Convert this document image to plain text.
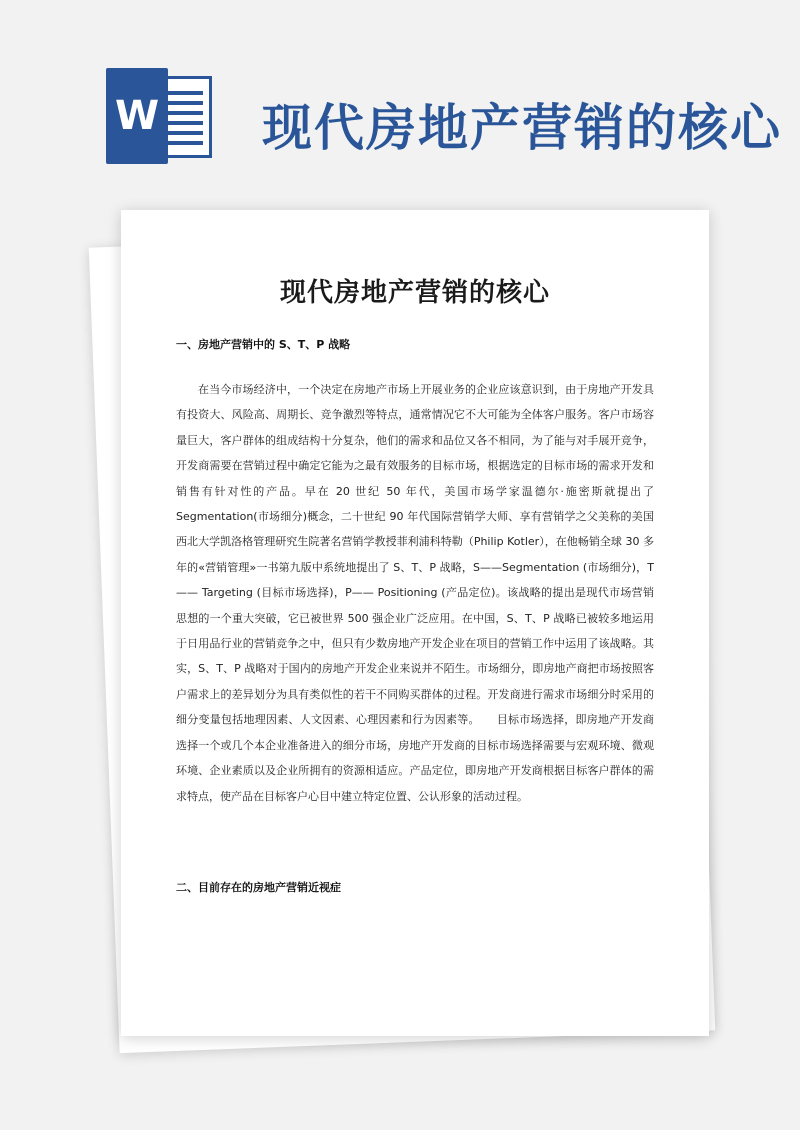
W 现代房地产营销的核心
现代房地产营销的核心

一、房地产营销中的 S、T、P 战略

在当今市场经济中，一个决定在房地产市场上开展业务的企业应该意识到，由于房地产开发具有投资大、风险高、周期长、竞争激烈等特点，通常情况它不大可能为全体客户服务。客户市场容量巨大，客户群体的组成结构十分复杂，他们的需求和品位又各不相同，为了能与对手展开竞争，开发商需要在营销过程中确定它能为之最有效服务的目标市场，根据选定的目标市场的需求开发和销售有针对性的产品。早在 20 世纪 50 年代，美国市场学家温德尔·施密斯就提出了 Segmentation(市场细分)概念，二十世纪 90 年代国际营销学大师、享有营销学之父美称的美国西北大学凯洛格管理研究生院著名营销学教授菲利浦科特勒（Philip Kotler），在他畅销全球 30 多年的«营销管理»一书第九版中系统地提出了 S、T、P 战略，S——Segmentation (市场细分)，T—— Targeting (目标市场选择)，P—— Positioning (产品定位)。该战略的提出是现代市场营销思想的一个重大突破，它已被世界 500 强企业广泛应用。在中国，S、T、P 战略已被较多地运用于日用品行业的营销竞争之中，但只有少数房地产开发企业在项目的营销工作中运用了该战略。其实，S、T、P 战略对于国内的房地产开发企业来说并不陌生。市场细分，即房地产商把市场按照客户需求上的差异划分为具有类似性的若干不同购买群体的过程。开发商进行需求市场细分时采用的细分变量包括地理因素、人文因素、心理因素和行为因素等。　　目标市场选择，即房地产开发商选择一个或几个本企业准备进入的细分市场，房地产开发商的目标市场选择需要与宏观环境、微观环境、企业素质以及企业所拥有的资源相适应。产品定位，即房地产开发商根据目标客户群体的需求特点，使产品在目标客户心目中建立特定位置、公认形象的活动过程。

二、目前存在的房地产营销近视症
